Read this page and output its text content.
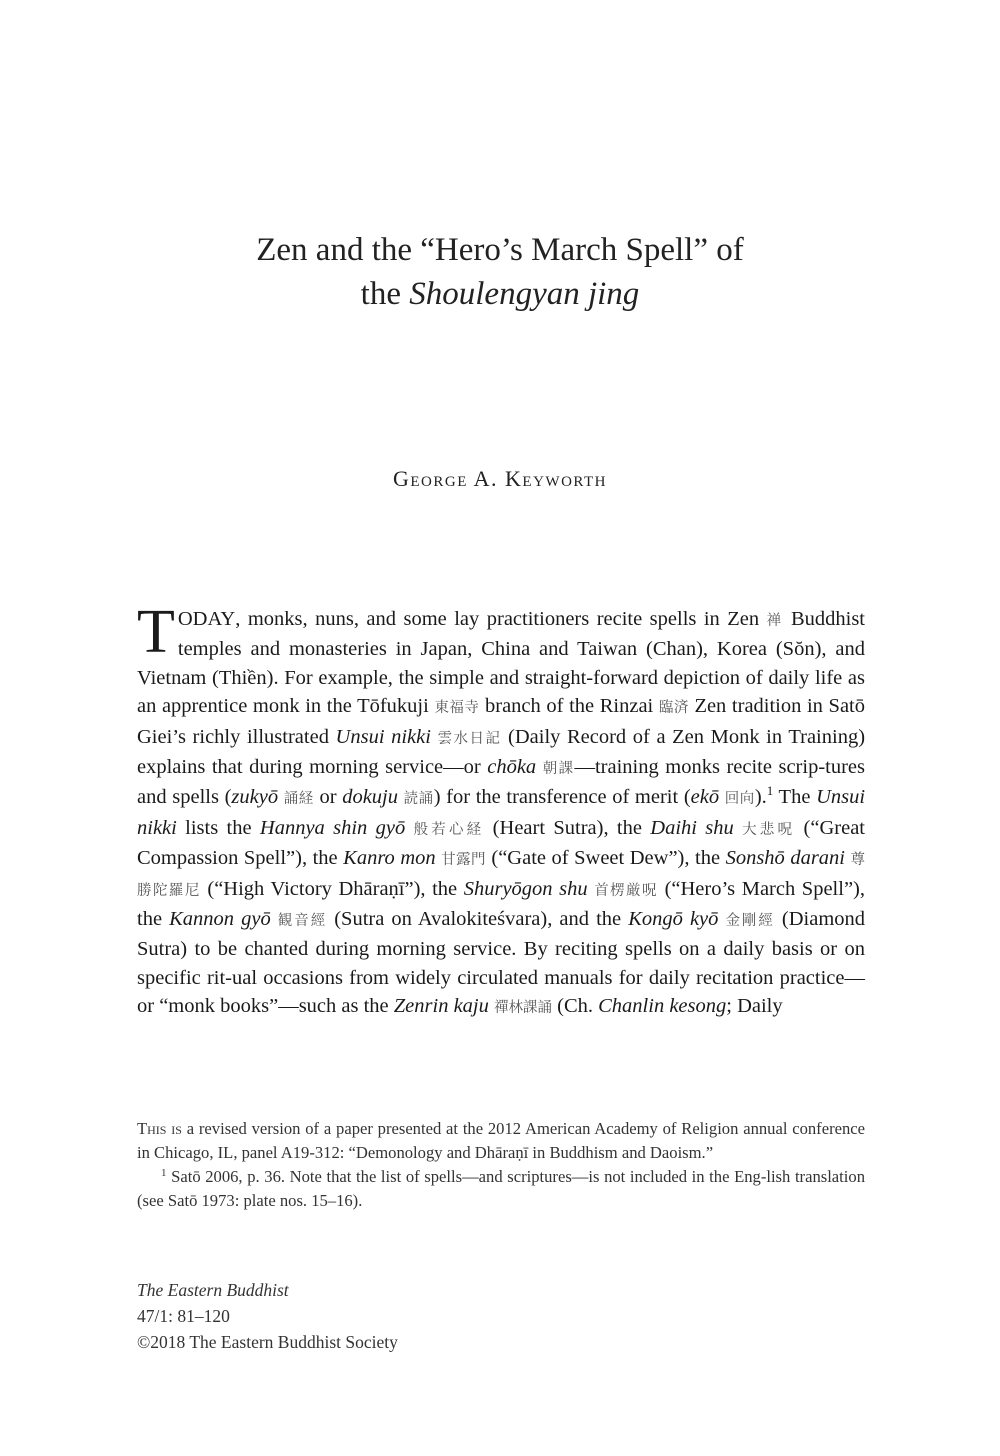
Zen and the “Hero’s March Spell” of
the Shoulengyan jing
George A. Keyworth

TODAY, monks, nuns, and some lay practitioners recite spells in Zen 禅 Buddhist temples and monasteries in Japan, China and Taiwan (Chan), Korea (Sŏn), and Vietnam (Thiền). For example, the simple and straight-forward depiction of daily life as an apprentice monk in the Tōfukuji 東福寺 branch of the Rinzai 臨済 Zen tradition in Satō Giei’s richly illustrated Unsui nikki 雲水日記 (Daily Record of a Zen Monk in Training) explains that during morning service—or chōka 朝課—training monks recite scrip-tures and spells (zukyō 誦経 or dokuju 読誦) for the transference of merit (ekō 回向).$^1$ The Unsui nikki lists the Hannya shin gyō 般若心経 (Heart Sutra), the Daihi shu 大悲呪 (“Great Compassion Spell”), the Kanro mon 甘露門 (“Gate of Sweet Dew”), the Sonshō darani 尊勝陀羅尼 (“High Victory Dhāraṇī”), the Shuryōgon shu 首楞厳呪 (“Hero’s March Spell”), the Kannon gyō 観音經 (Sutra on Avalokiteśvara), and the Kongō kyō 金剛經 (Diamond Sutra) to be chanted during morning service. By reciting spells on a daily basis or on specific rit-ual occasions from widely circulated manuals for daily recitation practice—or “monk books”—such as the Zenrin kaju 禪林課誦 (Ch. Chanlin kesong; Daily

This is a revised version of a paper presented at the 2012 American Academy of Religion annual conference in Chicago, IL, panel A19-312: “Demonology and Dhāraṇī in Buddhism and Daoism.”

$^1$ Satō 2006, p. 36. Note that the list of spells—and scriptures—is not included in the Eng-lish translation (see Satō 1973: plate nos. 15–16).

The Eastern Buddhist
47/1: 81–120
©2018 The Eastern Buddhist Society
